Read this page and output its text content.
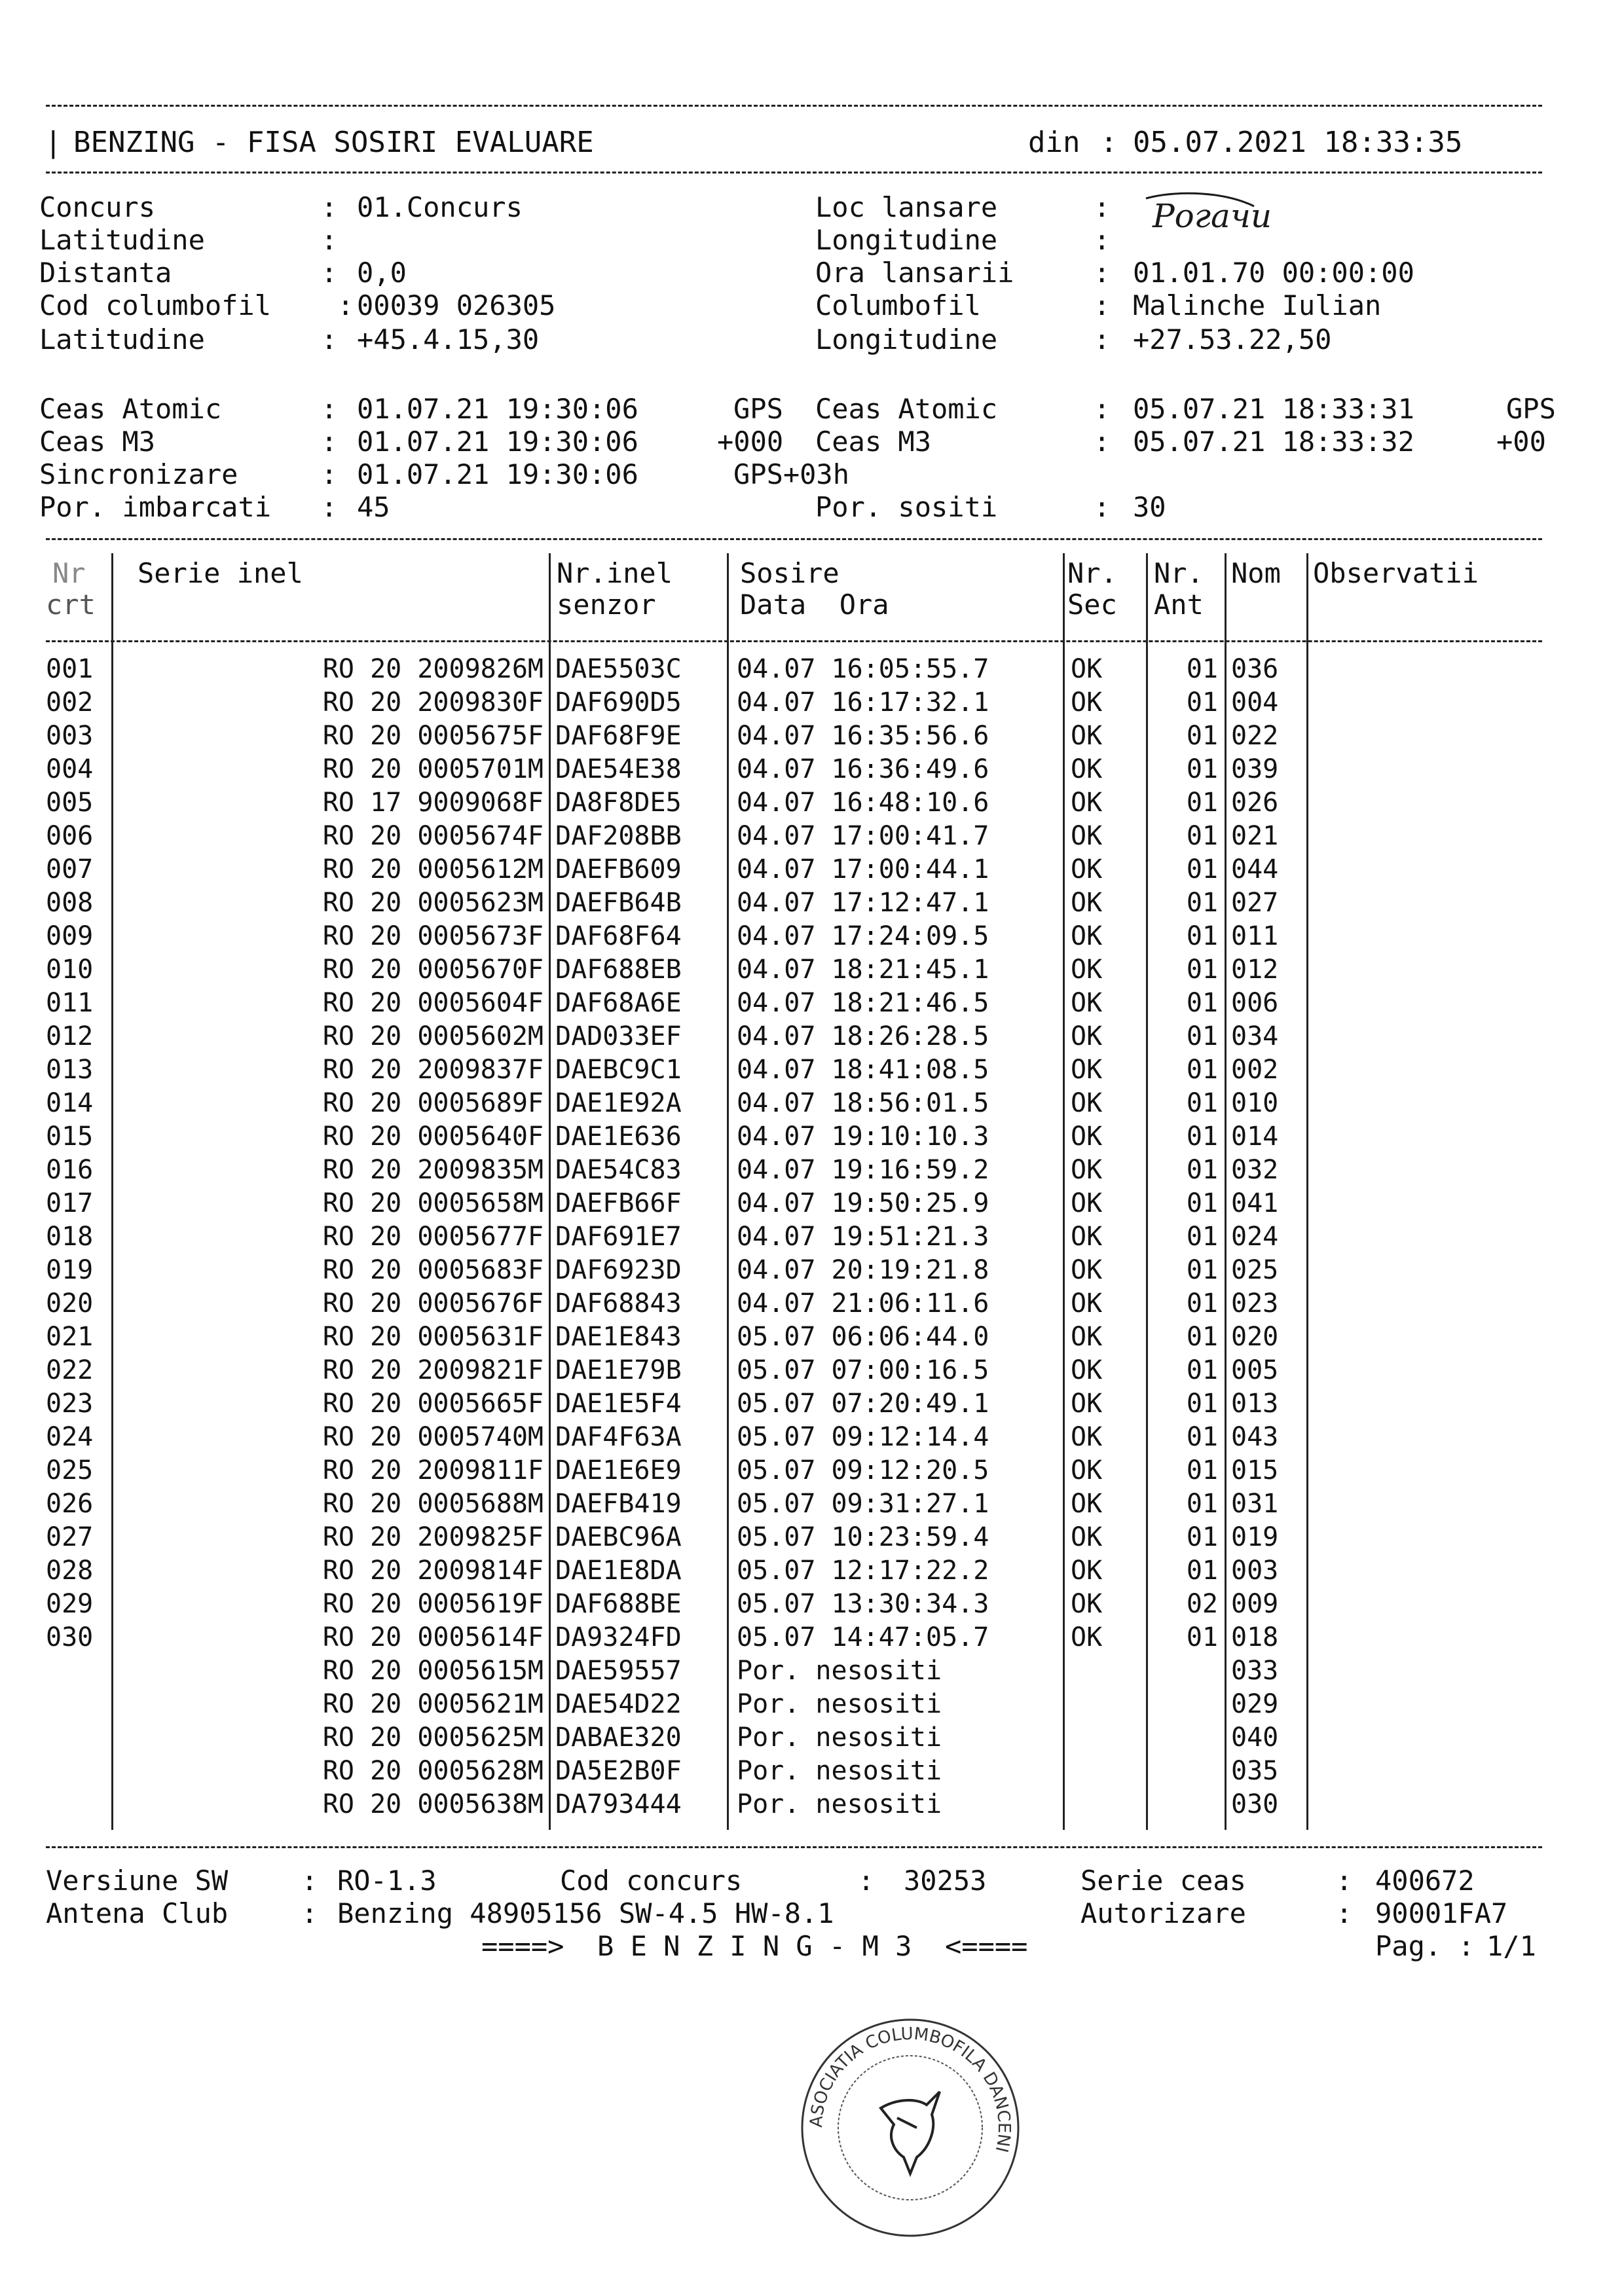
| BENZING - FISA SOSIRI EVALUARE	din : 05.07.2021 18:33:35
Concurs	: 01.Concurs
Latitudine	:
Distanta	: 0,0
Cod columbofil : 00039 026305
Latitudine	: +45.4.15,30
Loc lansare	: Рогачи
Longitudine	:
Ora lansarii	: 01.01.70 00:00:00
Columbofil	: Malinche Iulian
Longitudine	: +27.53.22,50
Ceas Atomic	: 01.07.21 19:30:06	GPS
Ceas M3	: 01.07.21 19:30:06	+000
Sincronizare	: 01.07.21 19:30:06	GPS+03h
Por. imbarcati : 45
Ceas Atomic	: 05.07.21 18:33:31	GPS
Ceas M3	: 05.07.21 18:33:32	+00
Por. sositi	: 30
Nr
crt
Serie inel	Nr.inel
senzor
Sosire
Data  Ora
Nr.
Sec
Nr.
Ant
Nom Observatii
001	RO 20 2009826M DAE5503C	04.07 16:05:55.7	OK	01 036
002	RO 20 2009830F DAF690D5	04.07 16:17:32.1	OK	01 004
003	RO 20 0005675F DAF68F9E	04.07 16:35:56.6	OK	01 022
004	RO 20 0005701M DAE54E38	04.07 16:36:49.6	OK	01 039
005	RO 17 9009068F DA8F8DE5	04.07 16:48:10.6	OK	01 026
006	RO 20 0005674F DAF208BB	04.07 17:00:41.7	OK	01 021
007	RO 20 0005612M DAEFB609	04.07 17:00:44.1	OK	01 044
008	RO 20 0005623M DAEFB64B	04.07 17:12:47.1	OK	01 027
009	RO 20 0005673F DAF68F64	04.07 17:24:09.5	OK	01 011
010	RO 20 0005670F DAF688EB	04.07 18:21:45.1	OK	01 012
011	RO 20 0005604F DAF68A6E	04.07 18:21:46.5	OK	01 006
012	RO 20 0005602M DAD033EF	04.07 18:26:28.5	OK	01 034
013	RO 20 2009837F DAEBC9C1	04.07 18:41:08.5	OK	01 002
014	RO 20 0005689F DAE1E92A	04.07 18:56:01.5	OK	01 010
015	RO 20 0005640F DAE1E636	04.07 19:10:10.3	OK	01 014
016	RO 20 2009835M DAE54C83	04.07 19:16:59.2	OK	01 032
017	RO 20 0005658M DAEFB66F	04.07 19:50:25.9	OK	01 041
018	RO 20 0005677F DAF691E7	04.07 19:51:21.3	OK	01 024
019	RO 20 0005683F DAF6923D	04.07 20:19:21.8	OK	01 025
020	RO 20 0005676F DAF68843	04.07 21:06:11.6	OK	01 023
021	RO 20 0005631F DAE1E843	05.07 06:06:44.0	OK	01 020
022	RO 20 2009821F DAE1E79B	05.07 07:00:16.5	OK	01 005
023	RO 20 0005665F DAE1E5F4	05.07 07:20:49.1	OK	01 013
024	RO 20 0005740M DAF4F63A	05.07 09:12:14.4	OK	01 043
025	RO 20 2009811F DAE1E6E9	05.07 09:12:20.5	OK	01 015
026	RO 20 0005688M DAEFB419	05.07 09:31:27.1	OK	01 031
027	RO 20 2009825F DAEBC96A	05.07 10:23:59.4	OK	01 019
028	RO 20 2009814F DAE1E8DA	05.07 12:17:22.2	OK	01 003
029	RO 20 0005619F DAF688BE	05.07 13:30:34.3	OK	02 009
030	RO 20 0005614F DA9324FD	05.07 14:47:05.7	OK	01 018
RO 20 0005615M DAE59557	Por. nesositi	033
RO 20 0005621M DAE54D22	Por. nesositi	029
RO 20 0005625M DABAE320	Por. nesositi	040
RO 20 0005628M DA5E2B0F	Por. nesositi	035
RO 20 0005638M DA793444	Por. nesositi	030
Versiune SW	: RO-1.3	Cod concurs	: 30253	Serie ceas	: 400672
Antena Club	: Benzing 48905156 SW-4.5 HW-8.1	Autorizare	: 90001FA7
====>  B E N Z I N G - M 3  <====	Pag. : 1/1
ASOCIATIA COLUMBOFILA DANCENI
